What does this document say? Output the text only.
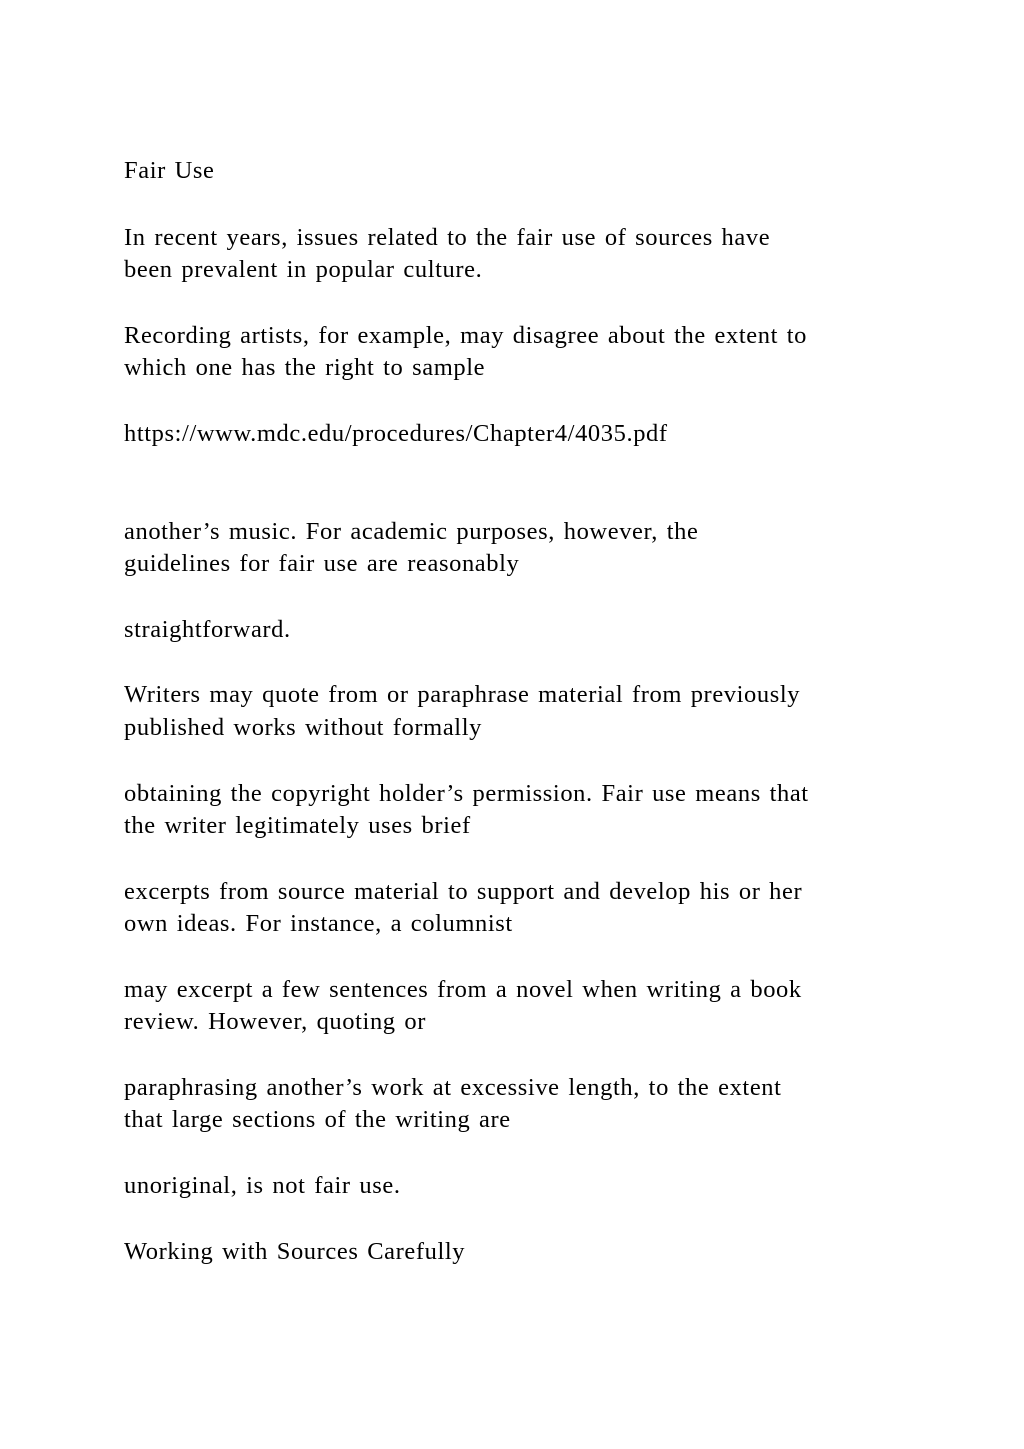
Fair Use
In recent years, issues related to the fair use of sources have
been prevalent in popular culture.
Recording artists, for example, may disagree about the extent to
which one has the right to sample
https://www.mdc.edu/procedures/Chapter4/4035.pdf
another’s music. For academic purposes, however, the
guidelines for fair use are reasonably
straightforward.
Writers may quote from or paraphrase material from previously
published works without formally
obtaining the copyright holder’s permission. Fair use means that
the writer legitimately uses brief
excerpts from source material to support and develop his or her
own ideas. For instance, a columnist
may excerpt a few sentences from a novel when writing a book
review. However, quoting or
paraphrasing another’s work at excessive length, to the extent
that large sections of the writing are
unoriginal, is not fair use.
Working with Sources Carefully
